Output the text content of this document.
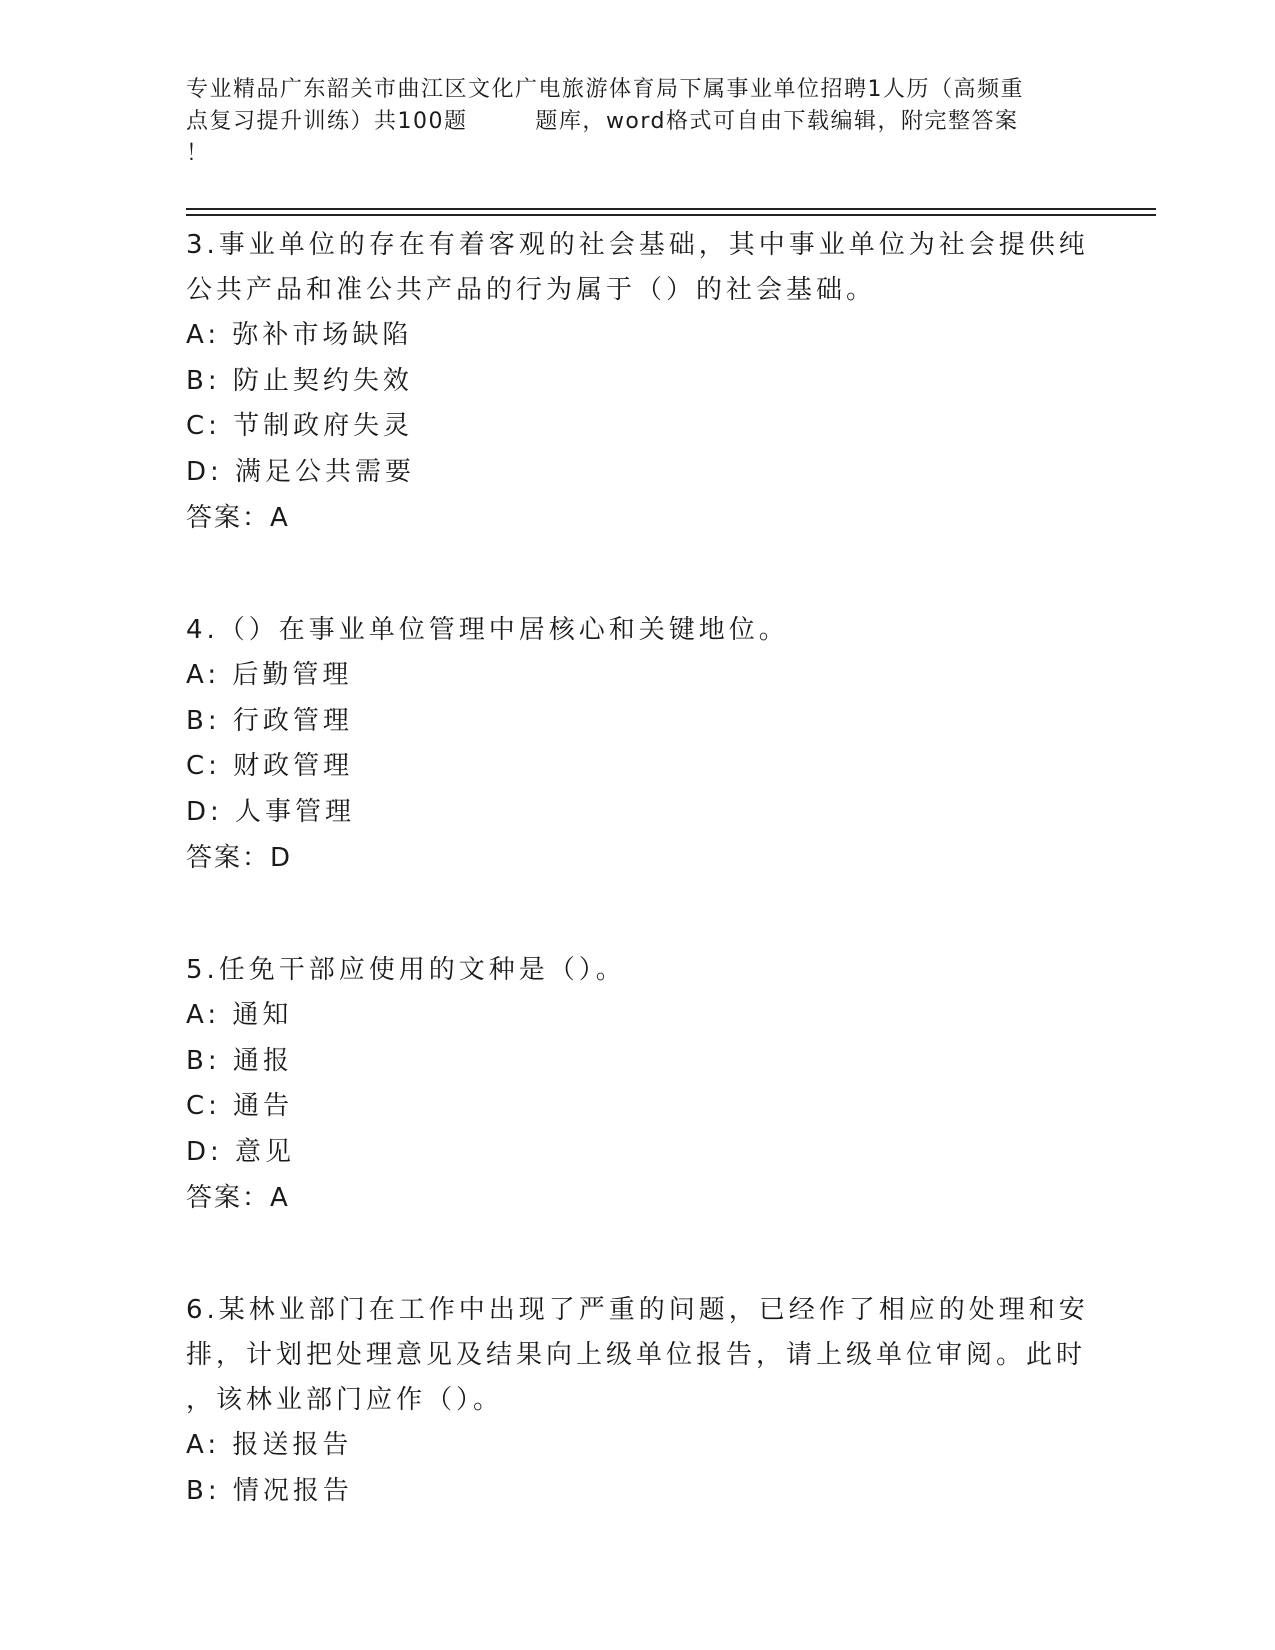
专业精品广东韶关市曲江区文化广电旅游体育局下属事业单位招聘1人历（高频重
点复习提升训练）共100题        题库，word格式可自由下载编辑，附完整答案
！
3.事业单位的存在有着客观的社会基础，其中事业单位为社会提供纯
公共产品和准公共产品的行为属于（）的社会基础。
A: 弥补市场缺陷
B: 防止契约失效
C: 节制政府失灵
D: 满足公共需要
答案：A
4.（）在事业单位管理中居核心和关键地位。
A: 后勤管理
B: 行政管理
C: 财政管理
D: 人事管理
答案：D
5.任免干部应使用的文种是（）。
A: 通知
B: 通报
C: 通告
D: 意见
答案：A
6.某林业部门在工作中出现了严重的问题，已经作了相应的处理和安
排，计划把处理意见及结果向上级单位报告，请上级单位审阅。此时
，该林业部门应作（）。
A: 报送报告
B: 情况报告
